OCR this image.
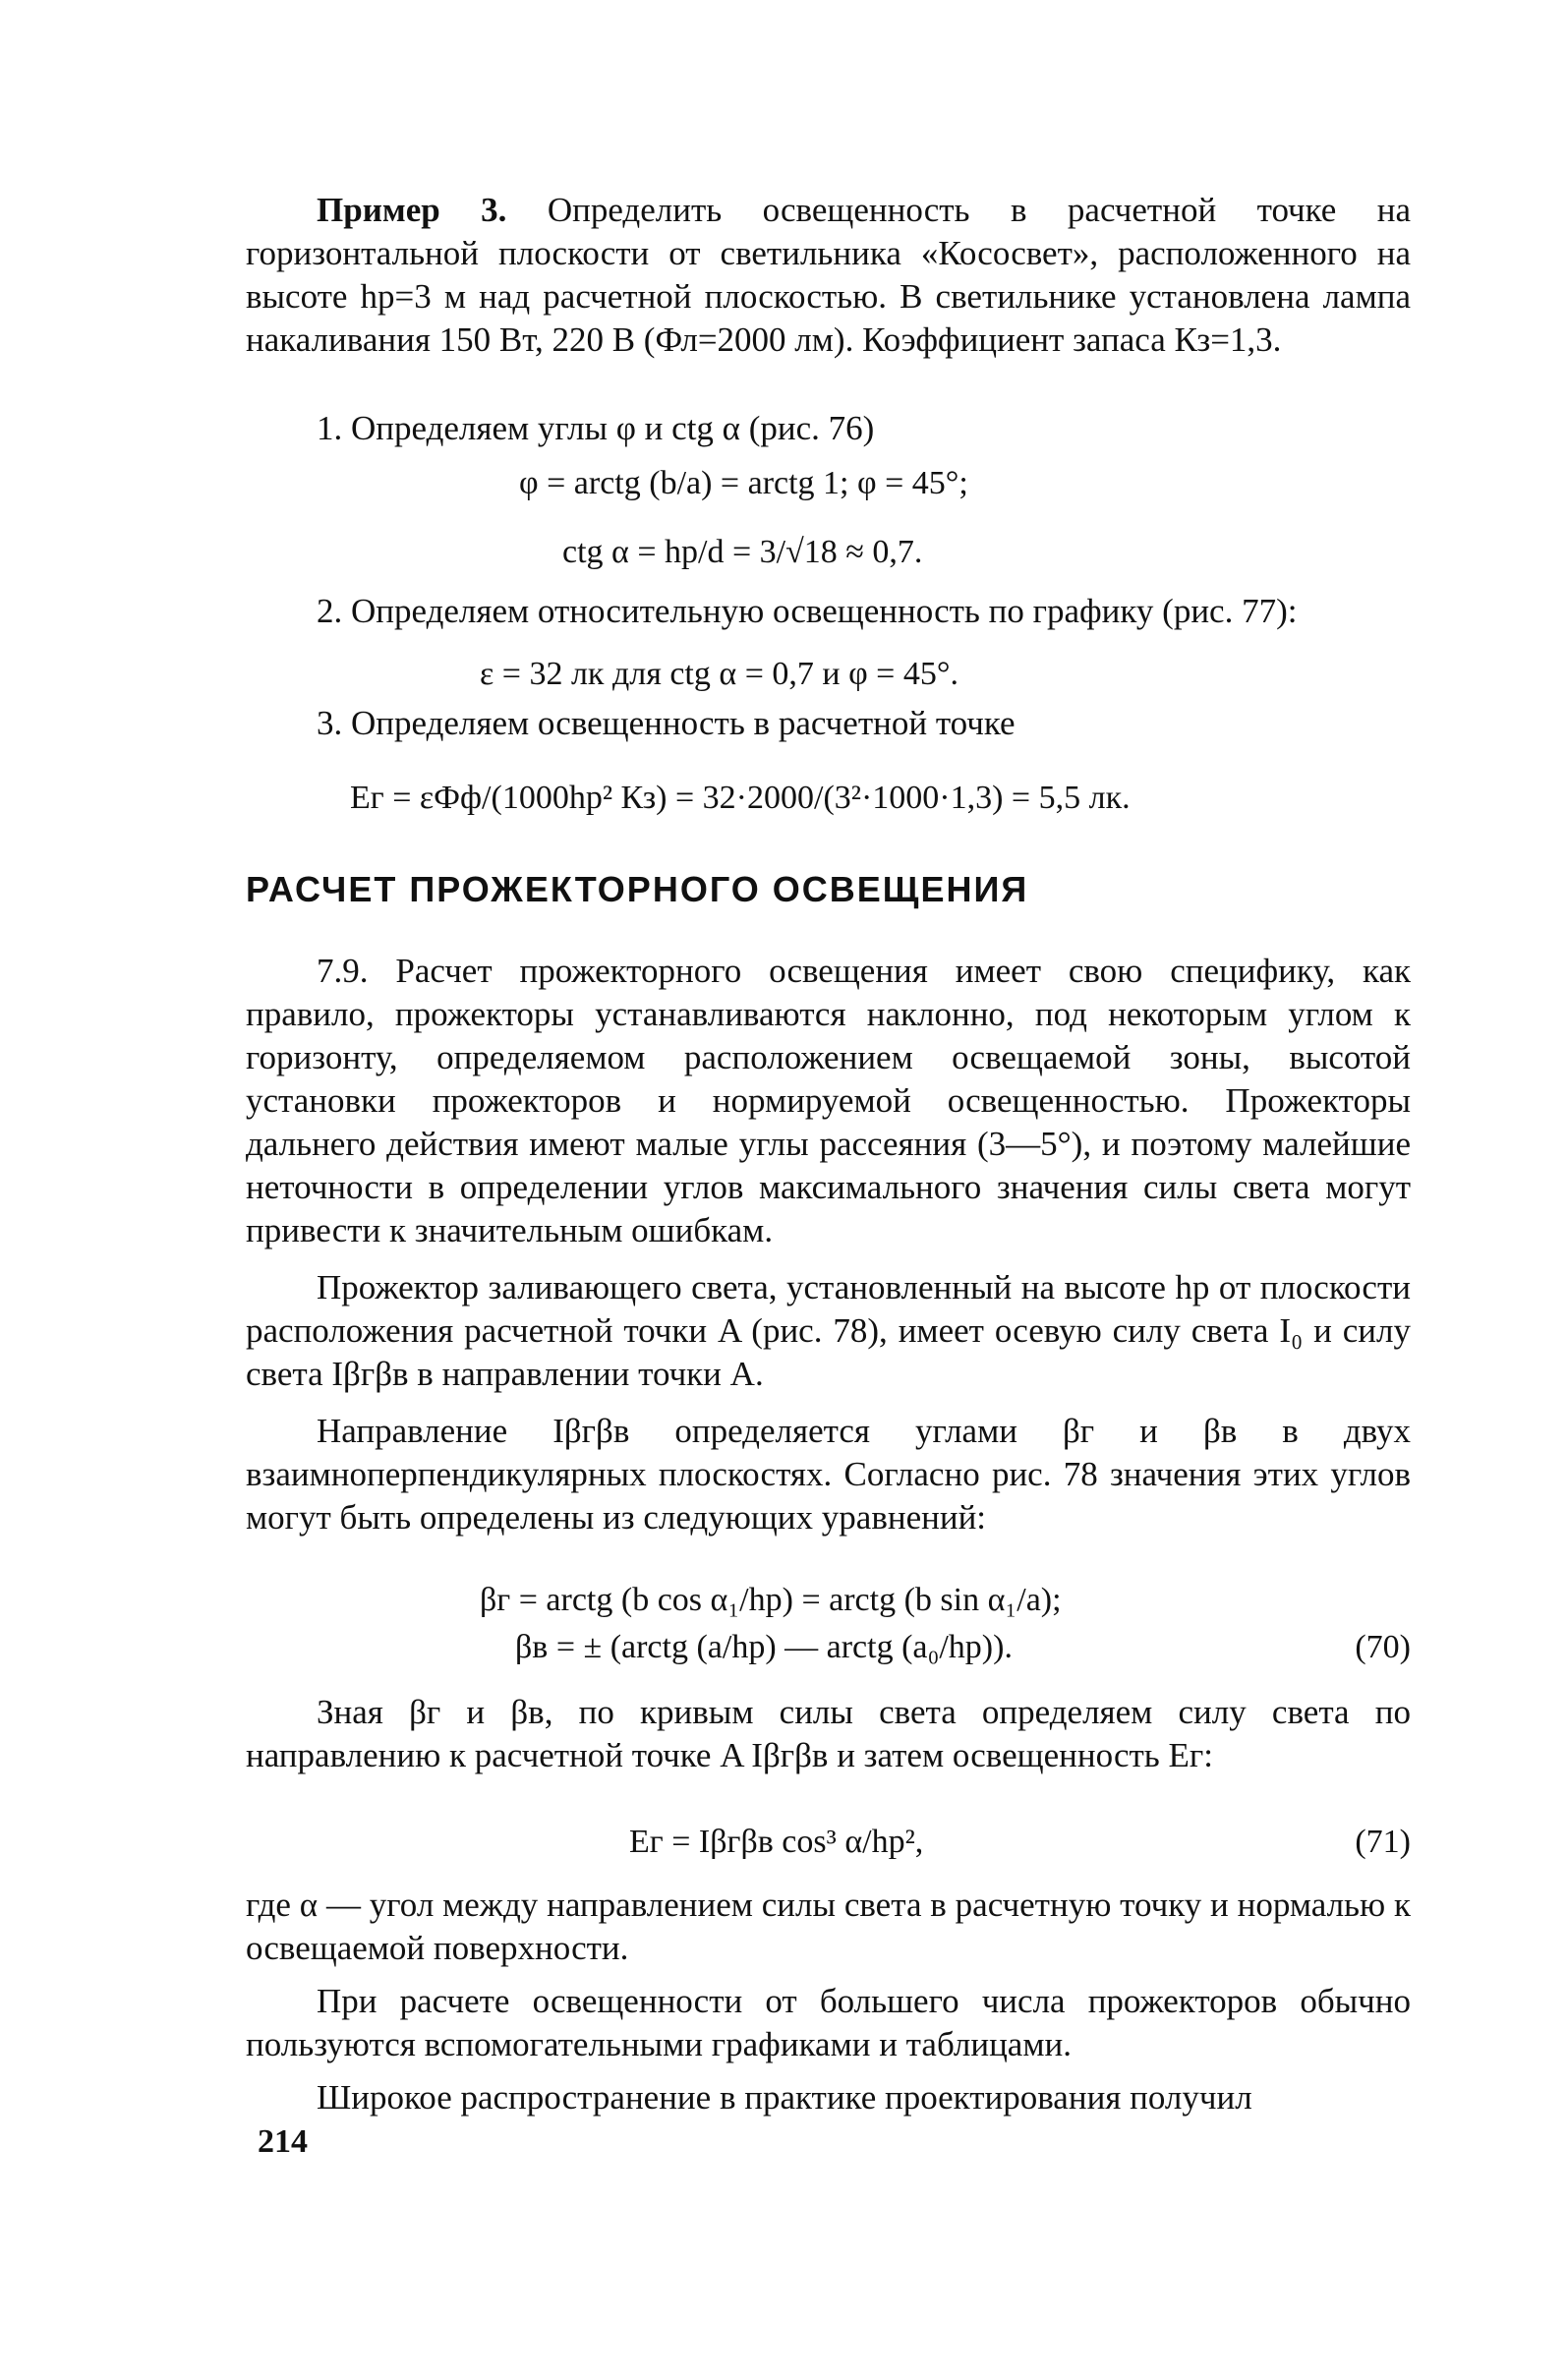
Пример 3. Определить освещенность в расчетной точке на горизонтальной плоскости от светильника «Кососвет», расположенного на высоте hр=3 м над расчетной плоскостью. В светильнике установлена лампа накаливания 150 Вт, 220 В (Фл=2000 лм). Коэффициент запаса Кз=1,3.

1. Определяем углы φ и ctg α (рис. 76)

φ = arctg (b/a) = arctg 1; φ = 45°;
ctg α = hр/d = 3/√18 ≈ 0,7.

2. Определяем относительную освещенность по графику (рис. 77):

ε = 32 лк для ctg α = 0,7 и φ = 45°.

3. Определяем освещенность в расчетной точке

Eг = εФф/(1000hр² Кз) = 32·2000/(3²·1000·1,3) = 5,5 лк.
РАСЧЕТ ПРОЖЕКТОРНОГО ОСВЕЩЕНИЯ

7.9. Расчет прожекторного освещения имеет свою специфику, как правило, прожекторы устанавливаются наклонно, под некоторым углом к горизонту, определяемом расположением освещаемой зоны, высотой установки прожекторов и нормируемой освещенностью. Прожекторы дальнего действия имеют малые углы рассеяния (3—5°), и поэтому малейшие неточности в определении углов максимального значения силы света могут привести к значительным ошибкам.

Прожектор заливающего света, установленный на высоте hр от плоскости расположения расчетной точки A (рис. 78), имеет осевую силу света I₀ и силу света Iβгβв в направлении точки A.

Направление Iβгβв определяется углами βг и βв в двух взаимноперпендикулярных плоскостях. Согласно рис. 78 значения этих углов могут быть определены из следующих уравнений:

βг = arctg (b cos α₁/hр) = arctg (b sin α₁/a);
βв = ± (arctg (a/hр) — arctg (a₀/hр)).	(70)

Зная βг и βв, по кривым силы света определяем силу света по направлению к расчетной точке A Iβгβв и затем освещенность Eг:

Eг = Iβгβв cos³ α/hр²,	(71)

где α — угол между направлением силы света в расчетную точку и нормалью к освещаемой поверхности.

При расчете освещенности от большего числа прожекторов обычно пользуются вспомогательными графиками и таблицами.

Широкое распространение в практике проектирования получил

214
